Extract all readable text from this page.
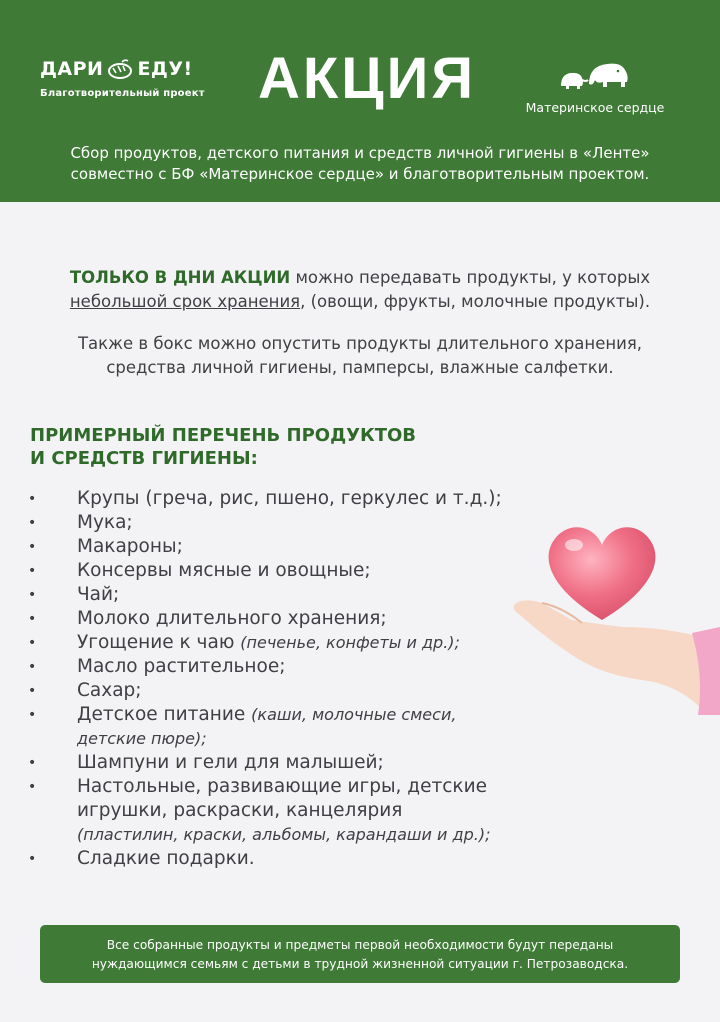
ДАРИ ЕДУ!
Благотворительный проект АКЦИЯ	Материнское сердце
Сбор продуктов, детского питания и средств личной гигиены в «Ленте»
совместно с БФ «Материнское сердце» и благотворительным проектом.
ТОЛЬКО В ДНИ АКЦИИ можно передавать продукты, у которых
небольшой срок хранения, (овощи, фрукты, молочные продукты).
Также в бокс можно опустить продукты длительного хранения,
средства личной гигиены, памперсы, влажные салфетки.
ПРИМЕРНЫЙ ПЕРЕЧЕНЬ ПРОДУКТОВ
И СРЕДСТВ ГИГИЕНЫ:
•	Крупы (греча, рис, пшено, геркулес и т.д.);
•	Мука;
•	Макароны;
•	Консервы мясные и овощные;
•	Чай;
•	Молоко длительного хранения;
•	Угощение к чаю (печенье, конфеты и др.);
•	Масло растительное;
•	Сахар;
•	Детское питание (каши, молочные смеси, детские пюре);
•	Шампуни и гели для малышей;
•	Настольные, развивающие игры, детские игрушки, раскраски, канцелярия
(пластилин, краски, альбомы, карандаши и др.);
•	Сладкие подарки.
Все собранные продукты и предметы первой необходимости будут переданы
нуждающимся семьям с детьми в трудной жизненной ситуации г. Петрозаводска.
